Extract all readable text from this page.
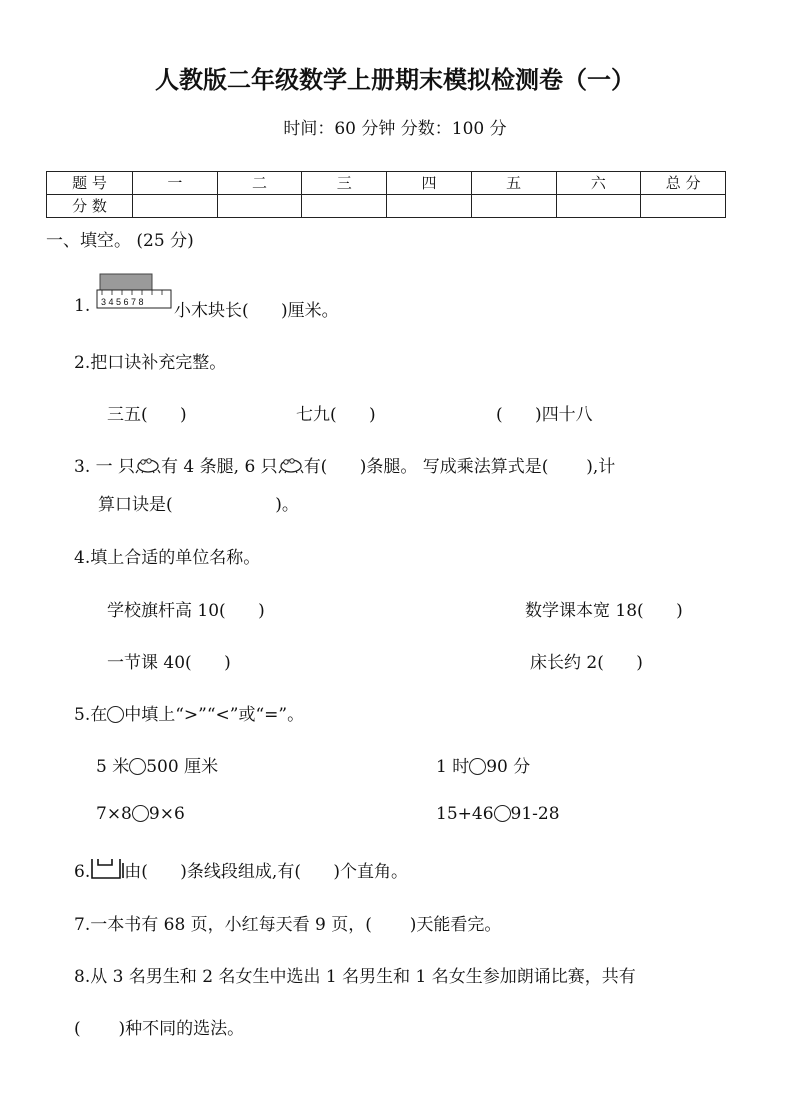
人教版二年级数学上册期末模拟检测卷（一）
时间：60 分钟 分数：100 分
题 号	一	二	三	四	五	六	总 分
分 数							
一、填空。 (25 分)
1. 3 4 5 6 7 8 小木块长(      )厘米。
2.把口诀补充完整。
三五(      )	七九(      )	(      )四十八
3. 一 只 有 4 条腿, 6 只 有(      )条腿。 写成乘法算式是(       ),计
算口诀是(                   )。
4.填上合适的单位名称。
学校旗杆高 10(      )	数学课本宽 18(      )
一节课 40(      )	床长约 2(      )
5.在 中填上“>”“<”或“=”。
5 米 500 厘米	1 时 90 分
7×8 9×6	15+46 91-28
6. 由(      )条线段组成,有(      )个直角。
7.一本书有 68 页，小红每天看 9 页，(       )天能看完。
8.从 3 名男生和 2 名女生中选出 1 名男生和 1 名女生参加朗诵比赛，共有
(       )种不同的选法。
